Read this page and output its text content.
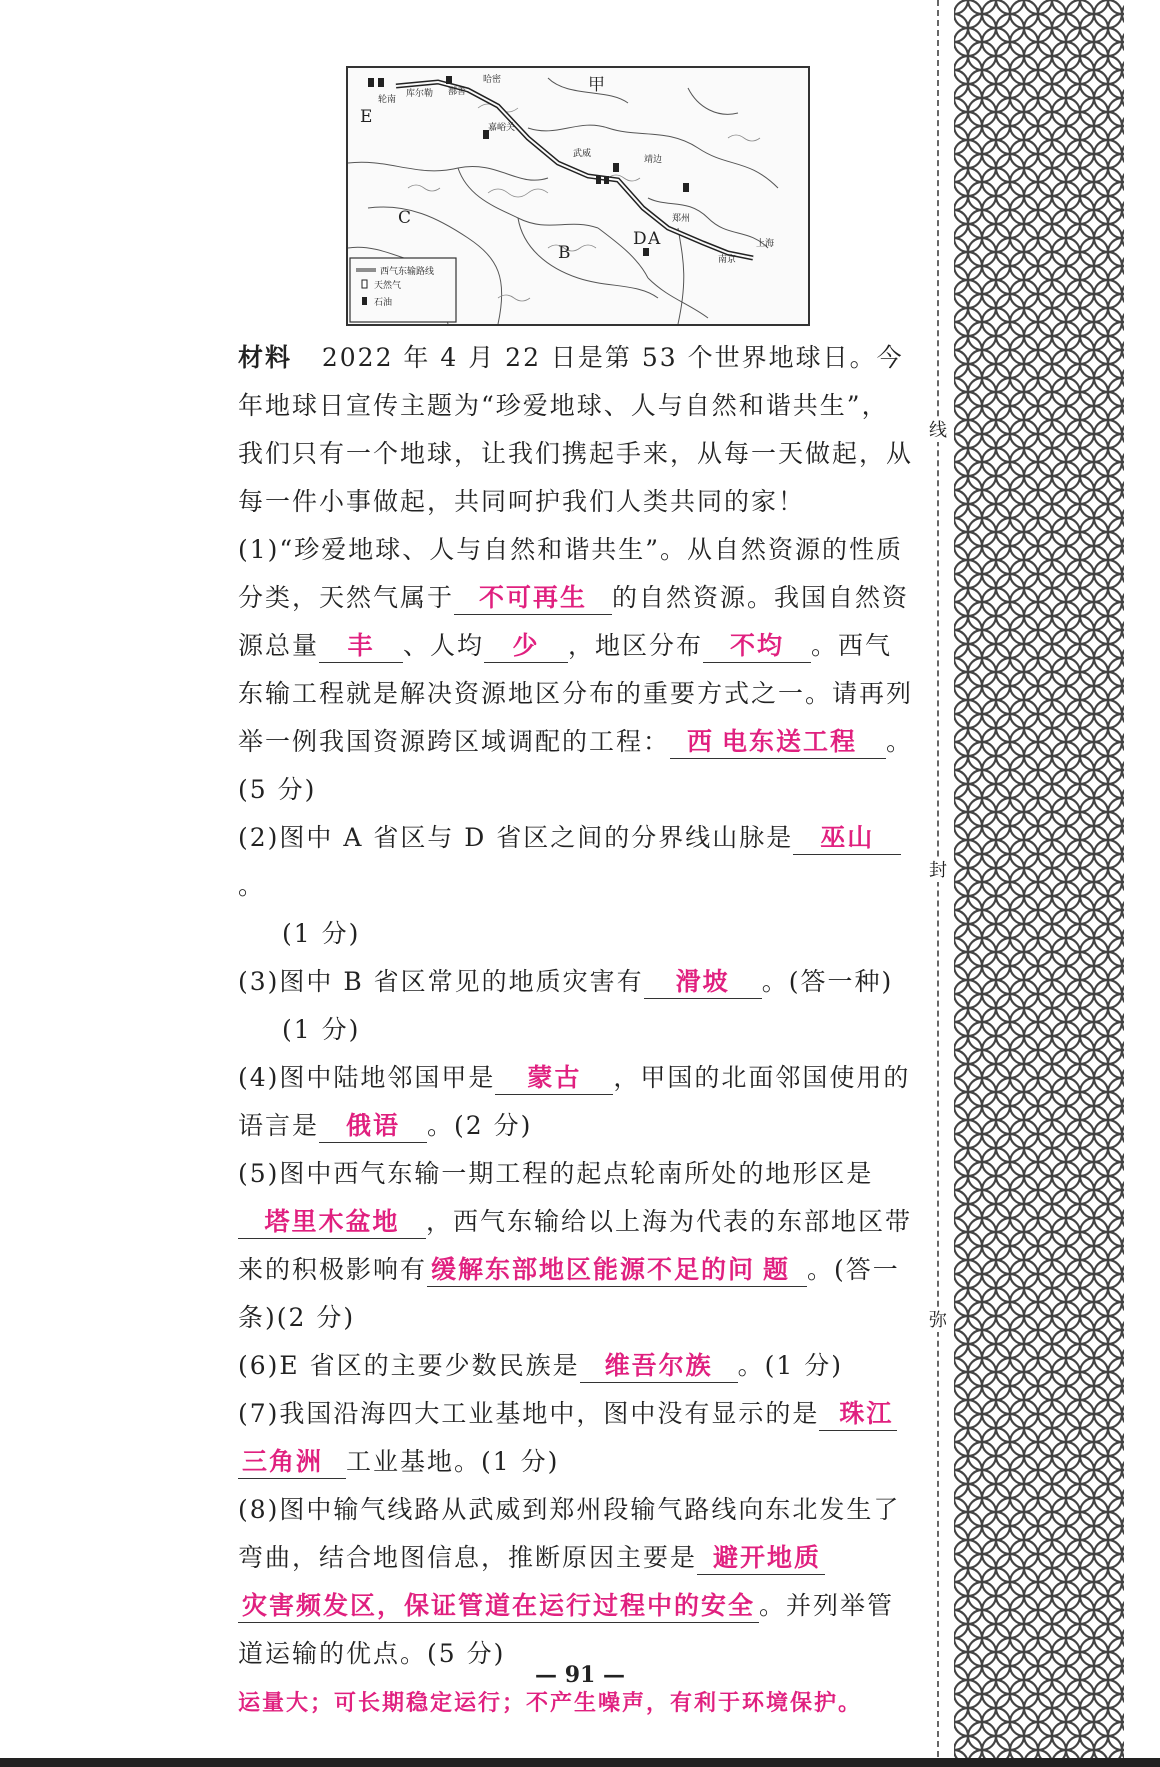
轮南
库尔勒 鄯善
哈密
嘉峪关
武威
靖边
郑州
南京
上海
甲
E
C
B
D A
西气东输路线
天然气
石油

材料 2022 年 4 月 22 日是第 53 个世界地球日。今年地球日宣传主题为“珍爱地球、人与自然和谐共生”，我们只有一个地球，让我们携起手来，从每一天做起，从每一件小事做起，共同呵护我们人类共同的家！

(1)“珍爱地球、人与自然和谐共生”。从自然资源的性质分类，天然气属于 不可再生 的自然资源。我国自然资源总量 丰 、人均 少 ，地区分布 不均 。西气东输工程就是解决资源地区分布的重要方式之一。请再列举一例我国资源跨区域调配的工程： 西 电东送工程 。(5 分)

(2)图中 A 省区与 D 省区之间的分界线山脉是 巫山。
(1 分)

(3)图中 B 省区常见的地质灾害有 滑坡 。(答一种)
(1 分)

(4)图中陆地邻国甲是 蒙古 ，甲国的北面邻国使用的语言是 俄语 。(2 分)

(5)图中西气东输一期工程的起点轮南所处的地形区是塔里木盆地 ，西气东输给以上海为代表的东部地区带来的积极影响有 缓解东部地区能源不足的问 题 。(答一条)(2 分)

(6)E 省区的主要少数民族是 维吾尔族 。(1 分)

(7)我国沿海四大工业基地中，图中没有显示的是 珠江三角洲 工业基地。(1 分)

(8)图中输气线路从武威到郑州段输气路线向东北发生了弯曲，结合地图信息，推断原因主要是 避开地质灾害频发区，保证管道在运行过程中的安全 。并列举管道运输的优点。(5 分)
运量大；可长期稳定运行；不产生噪声，有利于环境保护。

— 91 —
线
封
弥
